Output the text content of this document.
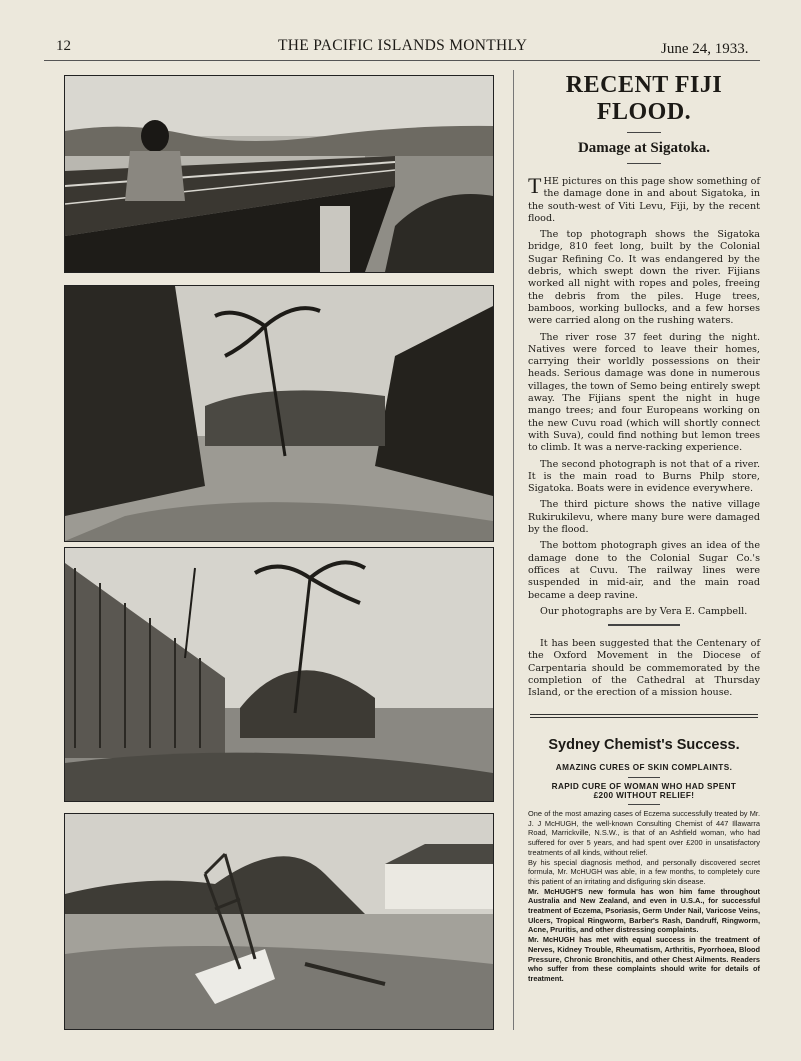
12	THE PACIFIC ISLANDS MONTHLY	June 24, 1933.
RECENT FIJI FLOOD.
Damage at Sigatoka.

THE pictures on this page show something of the damage done in and about Sigatoka, in the south-west of Viti Levu, Fiji, by the recent flood.

The top photograph shows the Sigatoka bridge, 810 feet long, built by the Colonial Sugar Refining Co. It was endangered by the debris, which swept down the river. Fijians worked all night with ropes and poles, freeing the debris from the piles. Huge trees, bamboos, working bullocks, and a few horses were carried along on the rushing waters.

The river rose 37 feet during the night. Natives were forced to leave their homes, carrying their worldly possessions on their heads. Serious damage was done in numerous villages, the town of Semo being entirely swept away. The Fijians spent the night in huge mango trees; and four Europeans working on the new Cuvu road (which will shortly connect with Suva), could find nothing but lemon trees to climb. It was a nerve-racking experience.

The second photograph is not that of a river. It is the main road to Burns Philp store, Sigatoka. Boats were in evidence everywhere.

The third picture shows the native village Rukirukilevu, where many bure were damaged by the flood.

The bottom photograph gives an idea of the damage done to the Colonial Sugar Co.'s offices at Cuvu. The railway lines were suspended in mid-air, and the main road became a deep ravine.

Our photographs are by Vera E. Campbell.

It has been suggested that the Centenary of the Oxford Movement in the Diocese of Carpentaria should be commemorated by the completion of the Cathedral at Thursday Island, or the erection of a mission house.

Sydney Chemist's Success.
AMAZING CURES OF SKIN COMPLAINTS.
RAPID CURE OF WOMAN WHO HAD SPENT £200 WITHOUT RELIEF!

One of the most amazing cases of Eczema successfully treated by Mr. J. J McHUGH, the well-known Consulting Chemist of 447 Illawarra Road, Marrickville, N.S.W., is that of an Ashfield woman, who had suffered for over 5 years, and had spent over £200 in unsatisfactory treatments of all kinds, without relief.

By his special diagnosis method, and personally discovered secret formula, Mr. McHUGH was able, in a few months, to completely cure this patient of an irritating and disfiguring skin disease.

Mr. McHUGH'S new formula has won him fame throughout Australia and New Zealand, and even in U.S.A., for successful treatment of Eczema, Psoriasis, Germ Under Nail, Varicose Veins, Ulcers, Tropical Ringworm, Barber's Rash, Dandruff, Ringworm, Acne, Pruritis, and other distressing complaints.

Mr. McHUGH has met with equal success in the treatment of Nerves, Kidney Trouble, Rheumatism, Arthritis, Pyorrhoea, Blood Pressure, Chronic Bronchitis, and other Chest Ailments. Readers who suffer from these complaints should write for details of treatment.
